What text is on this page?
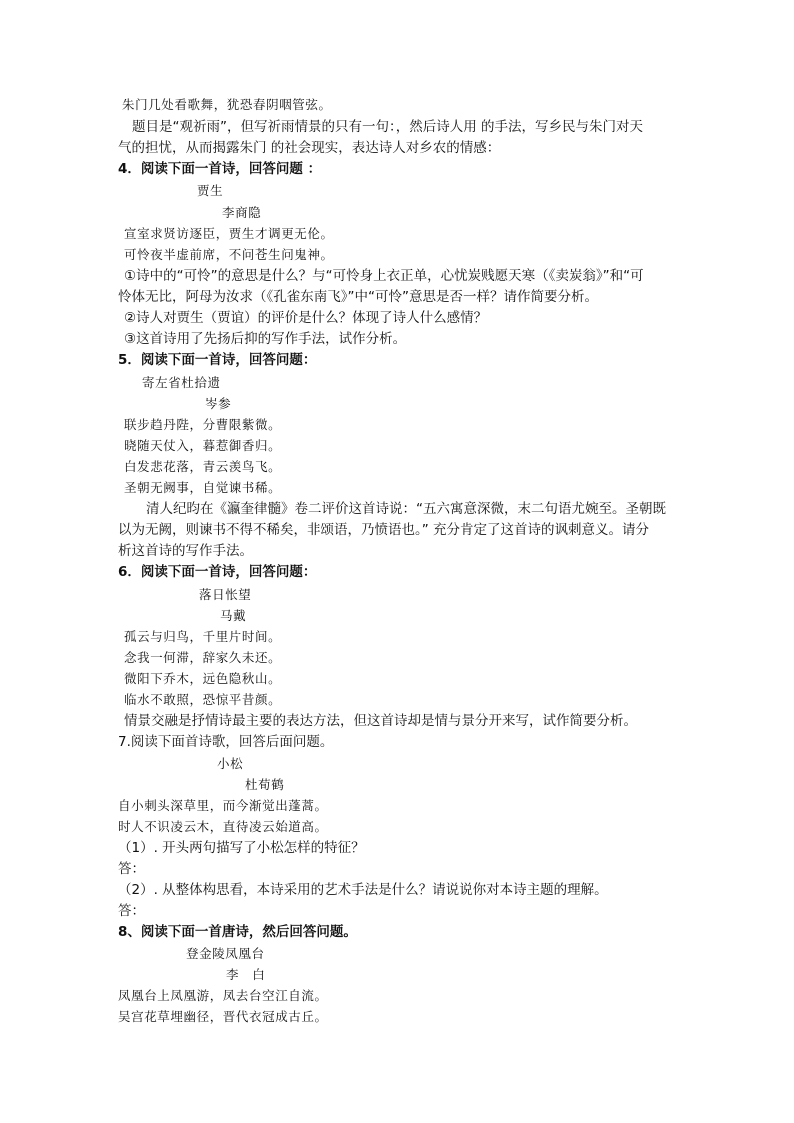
朱门几处看歌舞，犹恐春阴咽管弦。
题目是“观祈雨”，但写祈雨情景的只有一句：，然后诗人用 的手法，写乡民与朱门对天
气的担忧，从而揭露朱门 的社会现实，表达诗人对乡农的情感：
4．阅读下面一首诗，回答问题 ：
贾生
李商隐
宣室求贤访逐臣，贾生才调更无伦。
可怜夜半虚前席，不问苍生问鬼神。
①诗中的“可怜”的意思是什么？与“可怜身上衣正单，心忧炭贱愿天寒（《卖炭翁》”和“可
怜体无比，阿母为汝求（《孔雀东南飞》”中“可怜”意思是否一样？请作简要分析。
②诗人对贾生（贾谊）的评价是什么？体现了诗人什么感情？
③这首诗用了先扬后抑的写作手法，试作分析。
5．阅读下面一首诗，回答问题：
寄左省杜拾遗
岑参
联步趋丹陛，分曹限紫微。
晓随天仗入，暮惹御香归。
白发悲花落，青云羡鸟飞。
圣朝无阙事，自觉谏书稀。
清人纪昀在《瀛奎律髓》卷二评价这首诗说：“五六寓意深微，末二句语尤婉至。圣朝既
以为无阙，则谏书不得不稀矣，非颂语，乃愤语也。” 充分肯定了这首诗的讽刺意义。请分
析这首诗的写作手法。
6．阅读下面一首诗，回答问题：
落日怅望
马戴
孤云与归鸟，千里片时间。
念我一何滞，辞家久未还。
微阳下乔木，远色隐秋山。
临水不敢照，恐惊平昔颜。
情景交融是抒情诗最主要的表达方法，但这首诗却是情与景分开来写，试作简要分析。
7.阅读下面首诗歌，回答后面问题。
小松
杜荀鹤
自小刺头深草里，而今渐觉出蓬蒿。
时人不识凌云木，直待凌云始道高。
（1）. 开头两句描写了小松怎样的特征？
答：
（2）. 从整体构思看，本诗采用的艺术手法是什么？请说说你对本诗主题的理解。
答：
8、阅读下面一首唐诗，然后回答问题。
登金陵凤凰台
李　白
凤凰台上凤凰游，凤去台空江自流。
吴宫花草埋幽径，晋代衣冠成古丘。
